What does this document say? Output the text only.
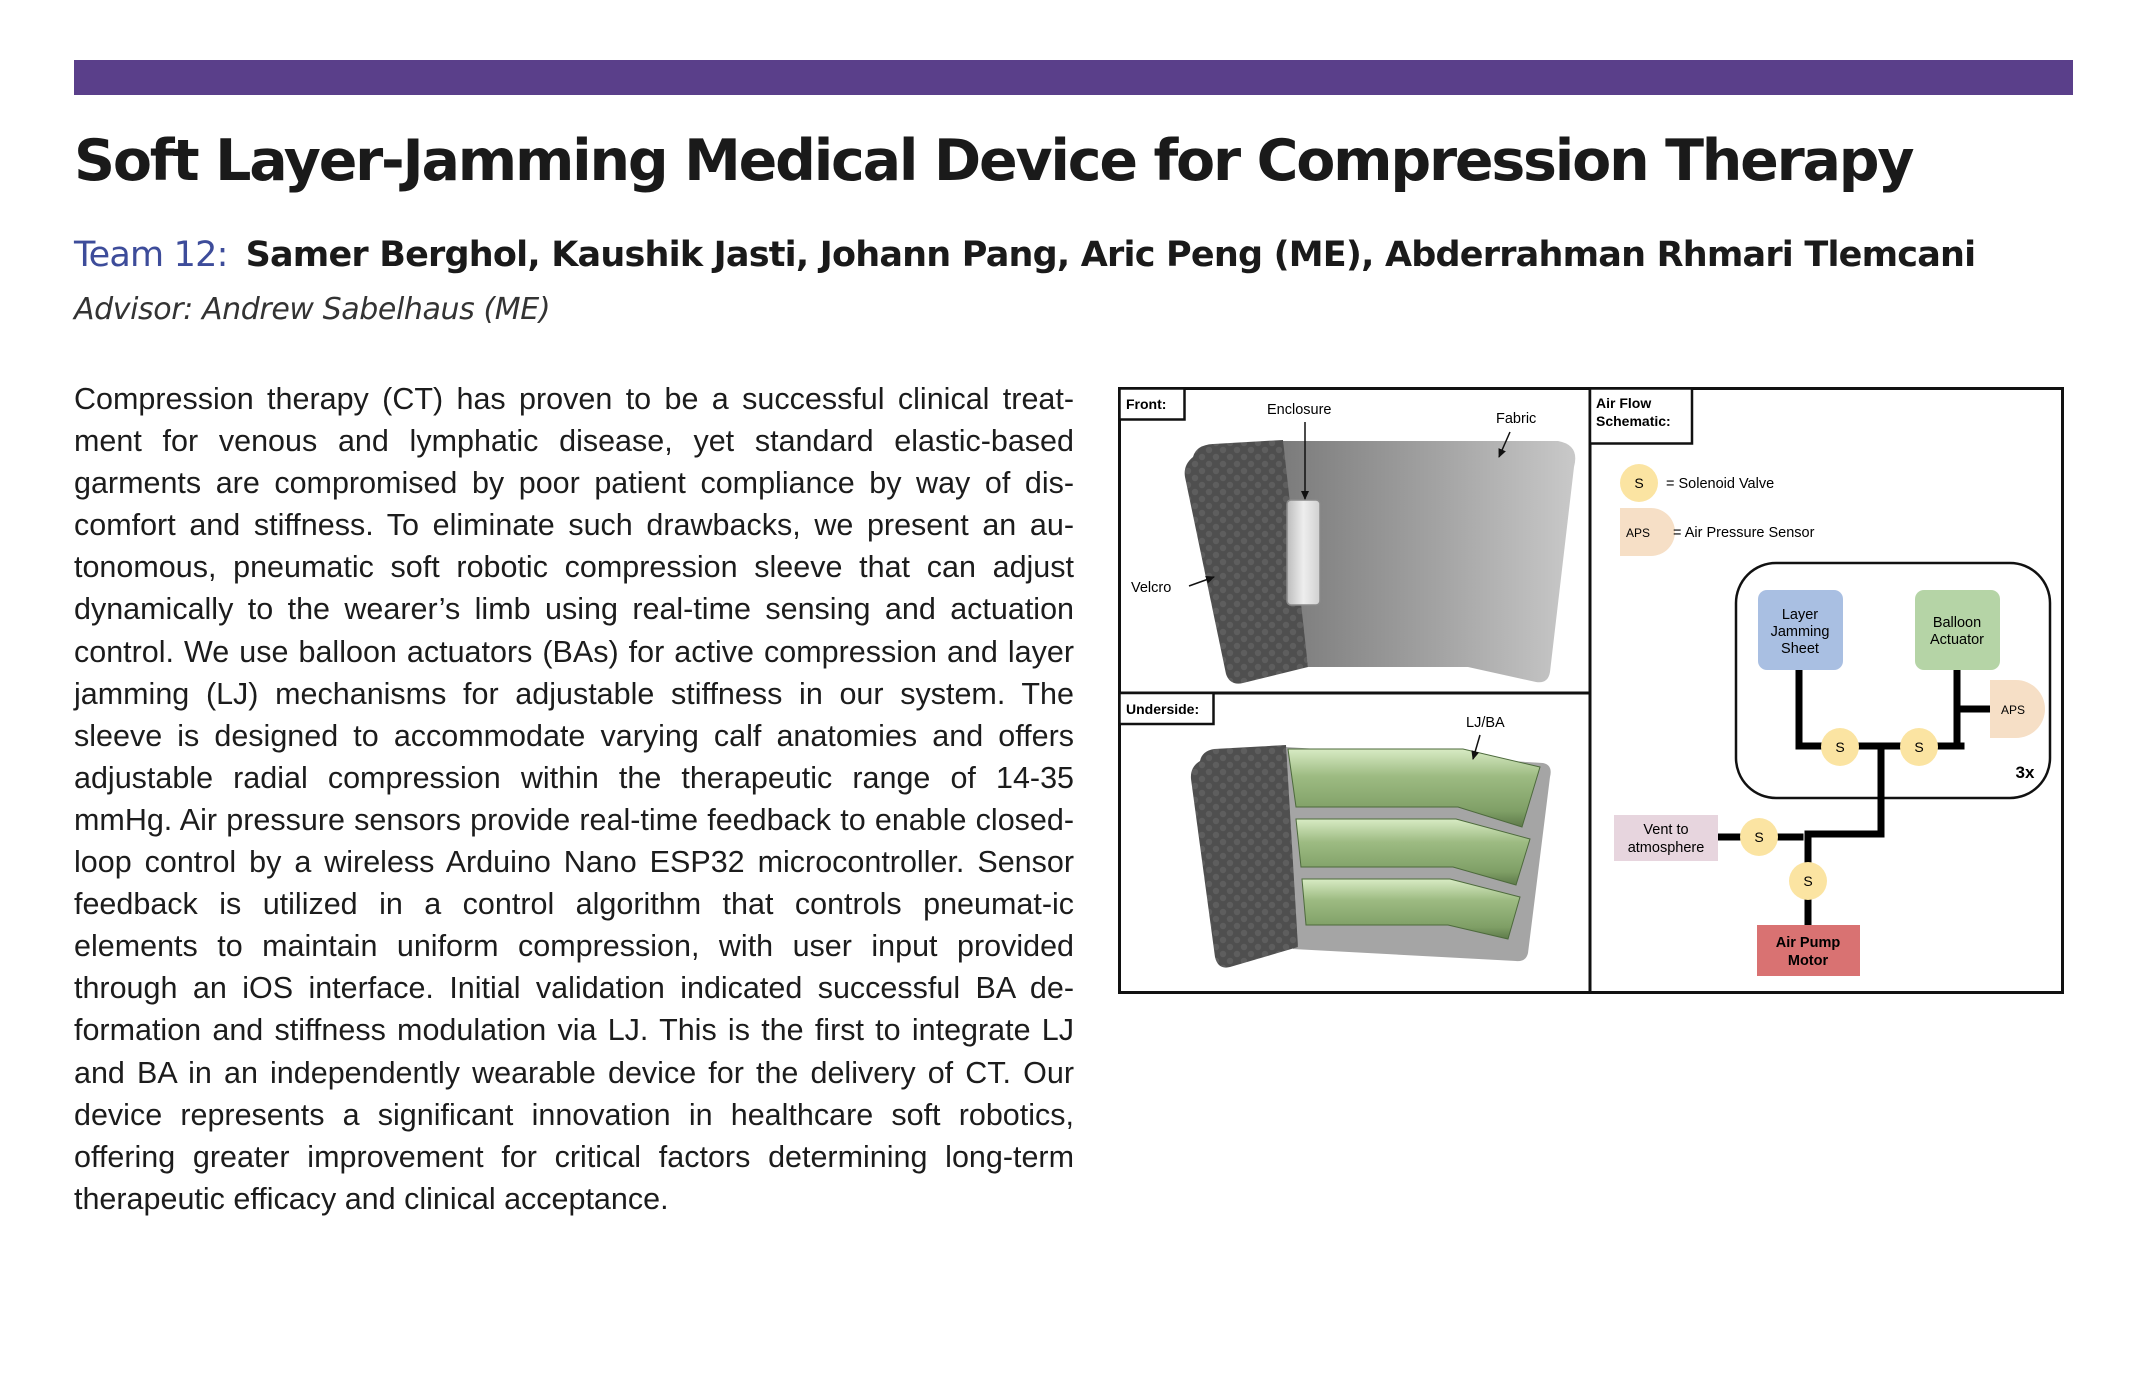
Soft Layer-Jamming Medical Device for Compression Therapy
Team 12: Samer Berghol, Kaushik Jasti, Johann Pang, Aric Peng (ME), Abderrahman Rhmari Tlemcani
Advisor: Andrew Sabelhaus (ME)

Compression therapy (CT) has proven to be a successful clinical treat-ment for venous and lymphatic disease, yet standard elastic-based garments are compromised by poor patient compliance by way of dis-comfort and stiffness. To eliminate such drawbacks, we present an au-tonomous, pneumatic soft robotic compression sleeve that can adjust dynamically to the wearer’s limb using real-time sensing and actuation control. We use balloon actuators (BAs) for active compression and layer jamming (LJ) mechanisms for adjustable stiffness in our system. The sleeve is designed to accommodate varying calf anatomies and offers adjustable radial compression within the therapeutic range of 14-35 mmHg. Air pressure sensors provide real-time feedback to enable closed-loop control by a wireless Arduino Nano ESP32 microcontroller. Sensor feedback is utilized in a control algorithm that controls pneumat-ic elements to maintain uniform compression, with user input provided through an iOS interface. Initial validation indicated successful BA de-formation and stiffness modulation via LJ. This is the first to integrate LJ and BA in an independently wearable device for the delivery of CT. Our device represents a significant innovation in healthcare soft robotics, offering greater improvement for critical factors determining long-term therapeutic efficacy and clinical acceptance.

Front:	Enclosure
Fabric
Velcro
Underside:
LJ/BA
Air Flow
Schematic:
S = Solenoid Valve
APS = Air Pressure Sensor
3x
Layer
Jamming
Sheet
Balloon
Actuator
APS
S	S
S
S
Vent to
atmosphere
Air Pump
Motor
